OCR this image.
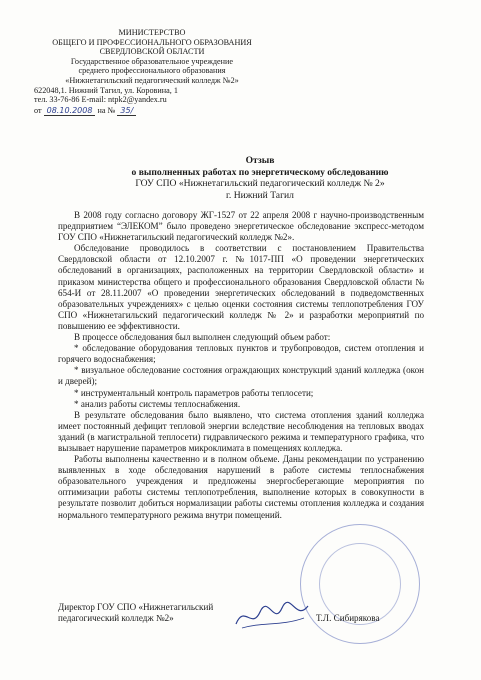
МИНИСТЕРСТВО
ОБЩЕГО И ПРОФЕССИОНАЛЬНОГО ОБРАЗОВАНИЯ
СВЕРДЛОВСКОЙ ОБЛАСТИ
Государственное образовательное учреждение
среднего профессионального образования
«Нижнетагильский педагогический колледж №2»
622048,1. Нижний Тагил, ул. Коровина, 1
тел. 33-76-86 E-mail: ntpk2@yandex.ru
от 08.10.2008 на № 35/
Отзыв
о выполненных работах по энергетическому обследованию
ГОУ СПО «Нижнетагильский педагогический колледж № 2»
г. Нижний Тагил

В 2008 году согласно договору ЖГ-1527 от 22 апреля 2008 г научно-производственным предприятием “ЭЛЕКОМ” было проведено энергетическое обследование экспресс-методом ГОУ СПО «Нижнетагильский педагогический колледж №2».

Обследование проводилось в соответствии с постановлением Правительства Свердловской области от 12.10.2007 г. №1017-ПП «О проведении энергетических обследований в организациях, расположенных на территории Свердловской области» и приказом министерства общего и профессионального образования Свердловской области № 654-И от 28.11.2007 «О проведении энергетических обследований в подведомственных образовательных учреждениях» с целью оценки состояния системы теплопотребления ГОУ СПО «Нижнетагильский педагогический колледж № 2» и разработки мероприятий по повышению ее эффективности.

В процессе обследования был выполнен следующий объем работ:

* обследование оборудования тепловых пунктов и трубопроводов, систем отопления и горячего водоснабжения;

* визуальное обследование состояния ограждающих конструкций зданий колледжа (окон и дверей);

* инструментальный контроль параметров работы теплосети;

* анализ работы системы теплоснабжения.

В результате обследования было выявлено, что система отопления зданий колледжа имеет постоянный дефицит тепловой энергии вследствие несоблюдения на тепловых вводах зданий (в магистральной теплосети) гидравлического режима и температурного графика, что вызывает нарушение параметров микроклимата в помещениях колледжа.

Работы выполнены качественно и в полном объеме. Даны рекомендации по устранению выявленных в ходе обследования нарушений в работе системы теплоснабжения образовательного учреждения и предложены энергосберегающие мероприятия по оптимизации работы системы теплопотребления, выполнение которых в совокупности в результате позволит добиться нормализации работы системы отопления колледжа и создания нормального температурного режима внутри помещений.

Директор ГОУ СПО «Нижнетагильский
педагогический колледж №2»	Т.Л. Сибирякова
